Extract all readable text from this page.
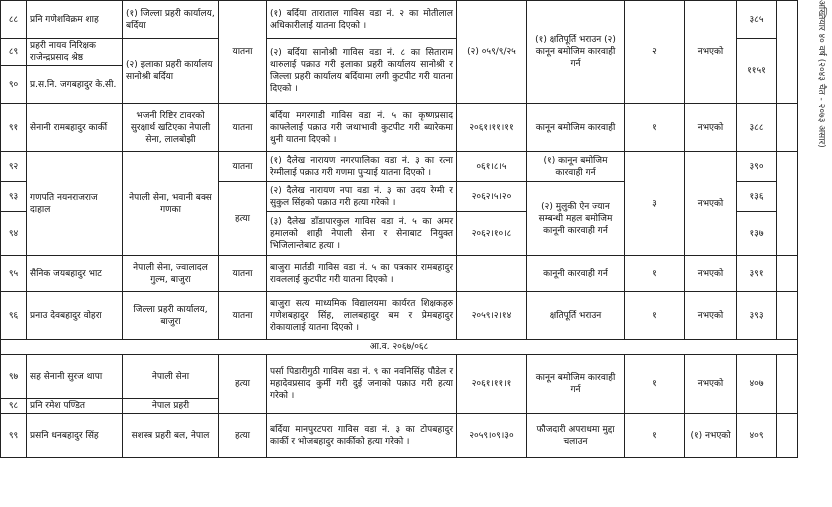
अख्तियार ४० वर्ष (२०४३ चैत - २०७३ असार)
८८	प्रनि गणेशविक्रम शाह	(१) जिल्ला प्रहरी कार्यालय, बर्दिया	यातना	(१) बर्दिया ताराताल गाविस वडा नं. २ का मोतीलाल अधिकारीलाई यातना दिएको ।	(२) ०५९/९/२५	(१) क्षतिपूर्ति भराउन (२) कानून बमोजिम कारवाही गर्न	२	नभएको	३८५	
८९	प्रहरी नायव निरिक्षक राजेन्द्रप्रसाद श्रेष्ठ	(२) इलाका प्रहरी कार्यालय सानोश्री बर्दिया		(२) बर्दिया सानोश्री गाविस वडा नं. ८ का सिताराम थारुलाई पक्राउ गरी इलाका प्रहरी कार्यालय सानोश्री र जिल्ला प्रहरी कार्यालय बर्दियामा लगी कुटपीट गरी यातना दिएको ।					११५१	
९०	प्र.स.नि. जगबहादुर के.सी.									
९१	सेनानी रामबहादुर कार्की	भजनी रिष्टिर टावरको सुरक्षार्थ खटिएका नेपाली सेना, लालबोझी	यातना	बर्दिया मगरगाडी गाविस वडा नं. ५ का कृष्णप्रसाद काफ्लेलाई पक्राउ गरी जथाभावी कुटपीट गरी ब्यारेकमा थुनी यातना दिएको ।	२०६१।११।११	कानून बमोजिम कारवाही	१	नभएको	३८८	
९२	गणपति नयनराजराज दाहाल	नेपाली सेना, भवानी बक्स गणका	यातना	(१) दैलेख नारायण नगरपालिका वडा नं. ३ का रत्ना रेग्मीलाई पक्राउ गरी गणमा पुऱ्याई यातना दिएको ।	०६१।८।५	(१) कानून बमोजिम कारवाही गर्न	३	नभएको	३९०	
९३			हत्या	(२) दैलेख नारायण नपा वडा नं. ३ का उदय रेग्मी र सुकुल सिंहको पक्राउ गरी हत्या गरेको ।	२०६२।५।२०	(२) मुलुकी ऐन ज्यान सम्बन्धी महल बमोजिम कानूनी कारवाही गर्न			१३६	
९४				(३) दैलेख डाँडापारकुल गाविस वडा नं. ५ का अमर हमालको शाही नेपाली सेना र सेनाबाट नियुक्त भिजिलान्तेबाट हत्या ।	२०६२।१०।८				१३७	
९५	सैनिक जयबहादुर भाट	नेपाली सेना, ज्वालादल गुल्म, बाजुरा	यातना	बाजुरा मार्तडी गाविस वडा नं. ५ का पत्रकार रामबहादुर रावललाई कुटपीट गरी यातना दिएको ।		कानूनी कारवाही गर्न	१	नभएको	३९१	
९६	प्रनाउ देवबहादुर वोहरा	जिल्ला प्रहरी कार्यालय, बाजुरा	यातना	बाजुरा सत्य माध्यमिक विद्यालयमा कार्यरत शिक्षकहरु गणेशबहादुर सिंह, लालबहादुर बम र प्रेमबहादुर रोकायालाई यातना दिएको ।	२०५९।२।१४	क्षतिपूर्ति भराउन	१	नभएको	३९३	
आ.व. २०६७/०६८										
९७	सह सेनानी सुरज थापा	नेपाली सेना	हत्या	पर्सा पिडारीगुठी गाविस वडा नं. ९ का नवनिसिंह पौडेल र महादेवप्रसाद कुर्मी गरी दुई जनाको पक्राउ गरी हत्या गरेको ।	२०६१।११।१	कानून बमोजिम कारवाही गर्न	१	नभएको	४०७	
९८	प्रनि रमेश पण्डित	नेपाल प्रहरी								
९९	प्रसनि धनबहादुर सिंह	सशस्त्र प्रहरी बल, नेपाल	हत्या	बर्दिया मानपुरटपरा गाविस वडा नं. ३ का टोपबहादुर कार्की र भोजबहादुर कार्कीको हत्या गरेको ।	२०५९।०९।३०	फौजदारी अपराधमा मुद्दा चलाउन	१	(१) नभएको	४०९	
